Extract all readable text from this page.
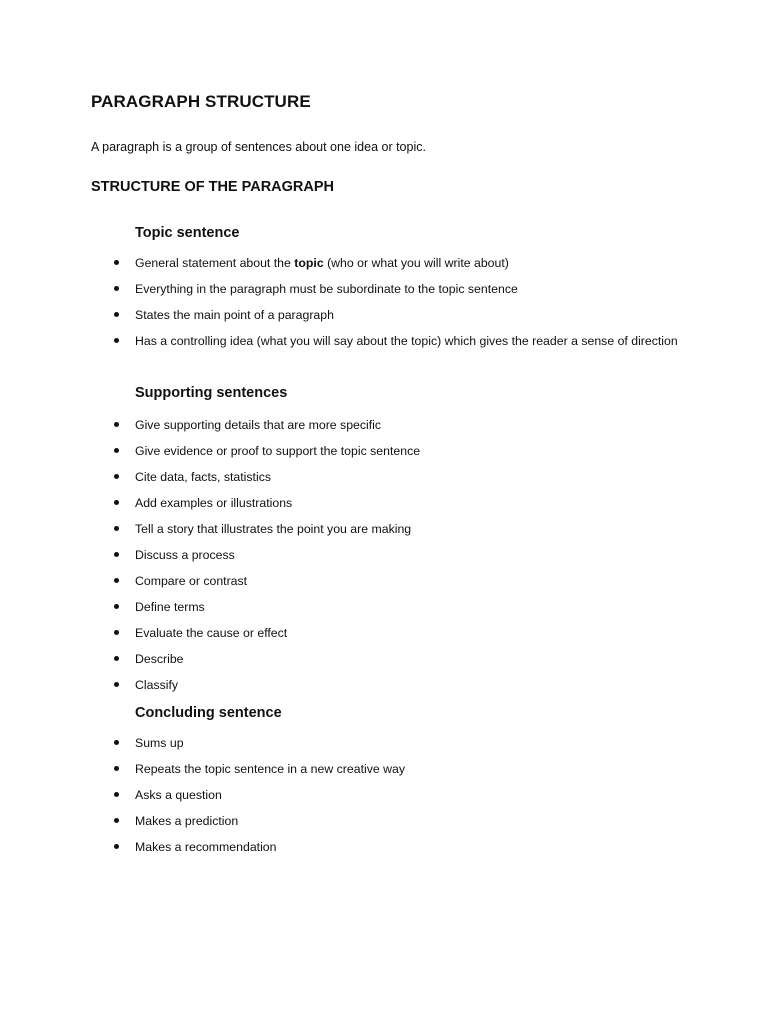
PARAGRAPH STRUCTURE
A paragraph is a group of sentences about one idea or topic.
STRUCTURE OF THE PARAGRAPH
Topic sentence
General statement about the topic (who or what you will write about)
Everything in the paragraph must be subordinate to the topic sentence
States the main point of a paragraph
Has a controlling idea (what you will say about the topic) which gives the reader a sense of direction
Supporting sentences
Give supporting details that are more specific
Give evidence or proof to support the topic sentence
Cite data, facts, statistics
Add examples or illustrations
Tell a story that illustrates the point you are making
Discuss a process
Compare or contrast
Define terms
Evaluate the cause or effect
Describe
Classify
Concluding sentence
Sums up
Repeats the topic sentence in a new creative way
Asks a question
Makes a prediction
Makes a recommendation
